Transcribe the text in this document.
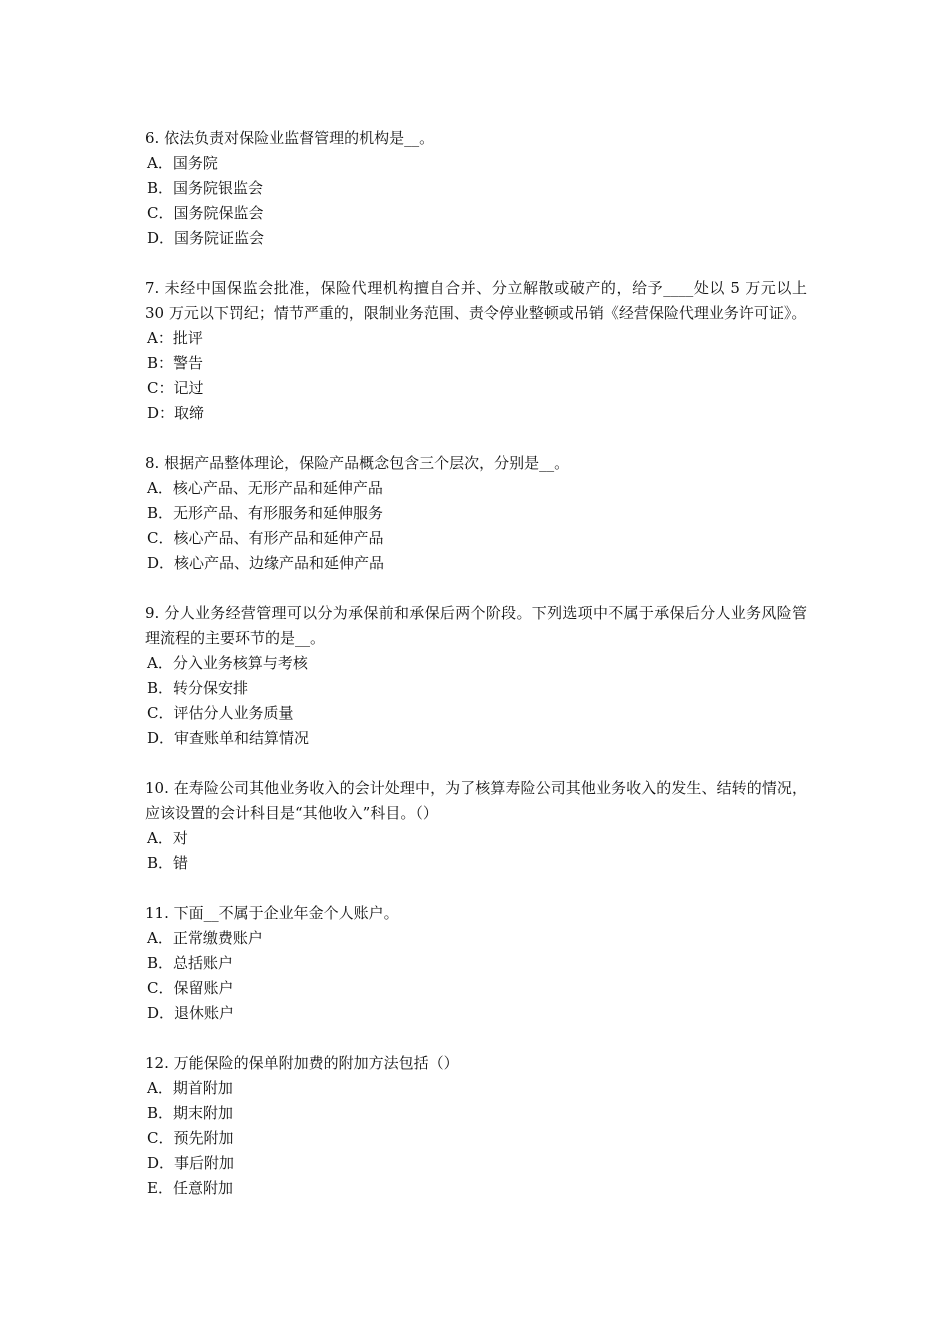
6. 依法负责对保险业监督管理的机构是__。

A．国务院

B．国务院银监会

C．国务院保监会

D．国务院证监会

7. 未经中国保监会批准，保险代理机构擅自合并、分立解散或破产的，给予____处以 5 万元以上 30 万元以下罚纪；情节严重的，限制业务范围、责令停业整顿或吊销《经营保险代理业务许可证》。

A：批评

B：警告

C：记过

D：取缔

8. 根据产品整体理论，保险产品概念包含三个层次，分别是__。

A．核心产品、无形产品和延伸产品

B．无形产品、有形服务和延伸服务

C．核心产品、有形产品和延伸产品

D．核心产品、边缘产品和延伸产品

9. 分人业务经营管理可以分为承保前和承保后两个阶段。下列选项中不属于承保后分人业务风险管理流程的主要环节的是__。

A．分入业务核算与考核

B．转分保安排

C．评估分人业务质量

D．审查账单和结算情况

10. 在寿险公司其他业务收入的会计处理中，为了核算寿险公司其他业务收入的发生、结转的情况，应该设置的会计科目是“其他收入”科目。（）

A．对

B．错

11. 下面__不属于企业年金个人账户。

A．正常缴费账户

B．总括账户

C．保留账户

D．退休账户

12. 万能保险的保单附加费的附加方法包括（）

A．期首附加

B．期末附加

C．预先附加

D．事后附加

E．任意附加
